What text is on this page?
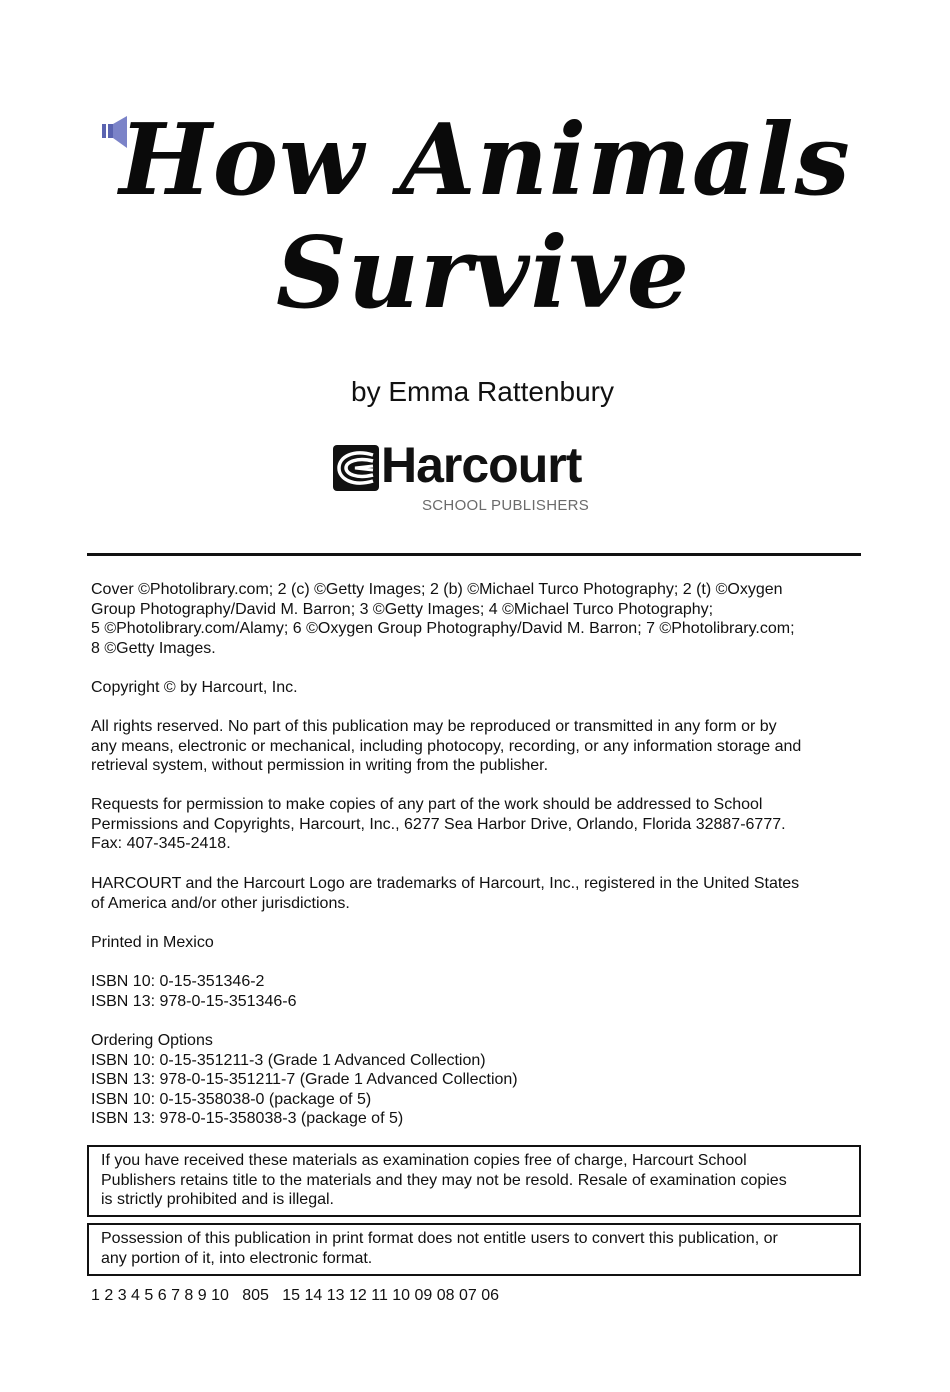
How Animals
Survive
by Emma Rattenbury
Harcourt
SCHOOL PUBLISHERS
Cover ©Photolibrary.com; 2 (c) ©Getty Images; 2 (b) ©Michael Turco Photography; 2 (t) ©Oxygen
Group Photography/David M. Barron; 3 ©Getty Images; 4 ©Michael Turco Photography;
5 ©Photolibrary.com/Alamy; 6 ©Oxygen Group Photography/David M. Barron; 7 ©Photolibrary.com;
8 ©Getty Images.
Copyright © by Harcourt, Inc.
All rights reserved. No part of this publication may be reproduced or transmitted in any form or by
any means, electronic or mechanical, including photocopy, recording, or any information storage and
retrieval system, without permission in writing from the publisher.
Requests for permission to make copies of any part of the work should be addressed to School
Permissions and Copyrights, Harcourt, Inc., 6277 Sea Harbor Drive, Orlando, Florida 32887-6777.
Fax: 407-345-2418.
HARCOURT and the Harcourt Logo are trademarks of Harcourt, Inc., registered in the United States
of America and/or other jurisdictions.
Printed in Mexico
ISBN 10: 0-15-351346-2
ISBN 13: 978-0-15-351346-6
Ordering Options
ISBN 10: 0-15-351211-3 (Grade 1 Advanced Collection)
ISBN 13: 978-0-15-351211-7 (Grade 1 Advanced Collection)
ISBN 10: 0-15-358038-0 (package of 5)
ISBN 13: 978-0-15-358038-3 (package of 5)
If you have received these materials as examination copies free of charge, Harcourt School
Publishers retains title to the materials and they may not be resold. Resale of examination copies
is strictly prohibited and is illegal.
Possession of this publication in print format does not entitle users to convert this publication, or
any portion of it, into electronic format.
1 2 3 4 5 6 7 8 9 10   805   15 14 13 12 11 10 09 08 07 06
